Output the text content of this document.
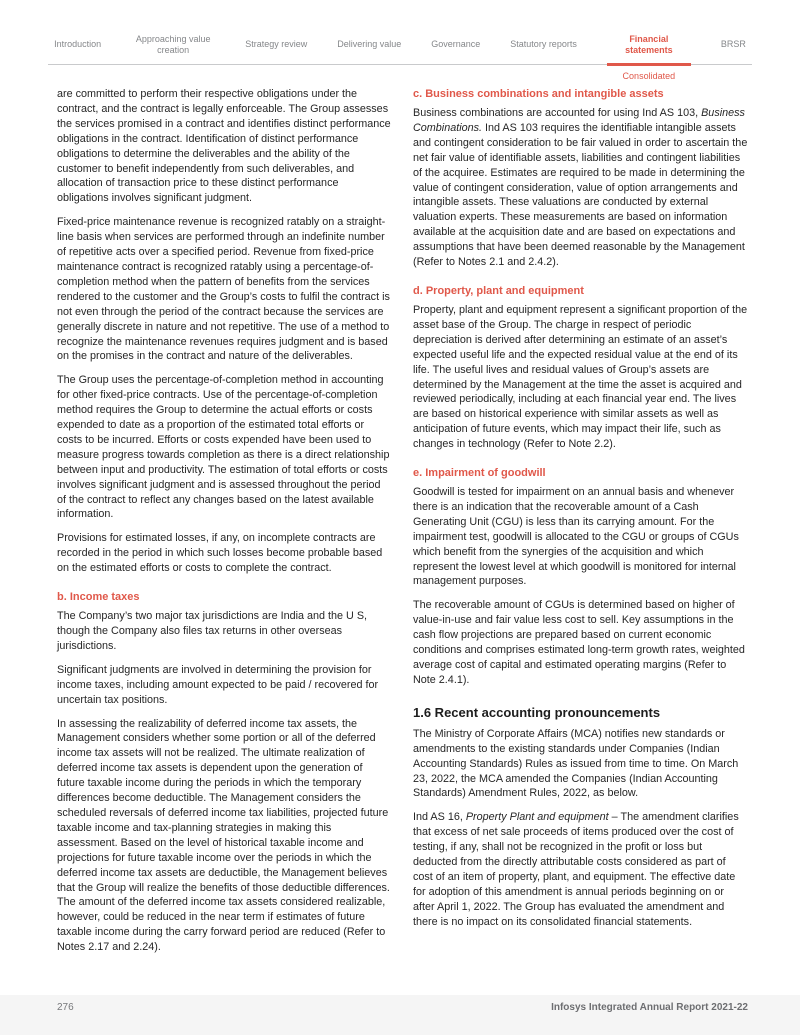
Introduction
Approaching value creation
Strategy review	Delivering value	Governance	Statutory reports
Financial statements
Consolidated
BRSR

are committed to perform their respective obligations under the contract, and the contract is legally enforceable. The Group assesses the services promised in a contract and identifies distinct performance obligations in the contract. Identification of distinct performance obligations to determine the deliverables and the ability of the customer to benefit independently from such deliverables, and allocation of transaction price to these distinct performance obligations involves significant judgment.

Fixed-price maintenance revenue is recognized ratably on a straight-line basis when services are performed through an indefinite number of repetitive acts over a specified period. Revenue from fixed-price maintenance contract is recognized ratably using a percentage-of-completion method when the pattern of benefits from the services rendered to the customer and the Group’s costs to fulfil the contract is not even through the period of the contract because the services are generally discrete in nature and not repetitive. The use of a method to recognize the maintenance revenues requires judgment and is based on the promises in the contract and nature of the deliverables.

The Group uses the percentage-of-completion method in accounting for other fixed-price contracts. Use of the percentage-of-completion method requires the Group to determine the actual efforts or costs expended to date as a proportion of the estimated total efforts or costs to be incurred. Efforts or costs expended have been used to measure progress towards completion as there is a direct relationship between input and productivity. The estimation of total efforts or costs involves significant judgment and is assessed throughout the period of the contract to reflect any changes based on the latest available information.

Provisions for estimated losses, if any, on incomplete contracts are recorded in the period in which such losses become probable based on the estimated efforts or costs to complete the contract.

b. Income taxes

The Company’s two major tax jurisdictions are India and the U S, though the Company also files tax returns in other overseas jurisdictions.

Significant judgments are involved in determining the provision for income taxes, including amount expected to be paid / recovered for uncertain tax positions.

In assessing the realizability of deferred income tax assets, the Management considers whether some portion or all of the deferred income tax assets will not be realized. The ultimate realization of deferred income tax assets is dependent upon the generation of future taxable income during the periods in which the temporary differences become deductible. The Management considers the scheduled reversals of deferred income tax liabilities, projected future taxable income and tax-planning strategies in making this assessment. Based on the level of historical taxable income and projections for future taxable income over the periods in which the deferred income tax assets are deductible, the Management believes that the Group will realize the benefits of those deductible differences. The amount of the deferred income tax assets considered realizable, however, could be reduced in the near term if estimates of future taxable income during the carry forward period are reduced (Refer to Notes 2.17 and 2.24).

c. Business combinations and intangible assets

Business combinations are accounted for using Ind AS 103, Business Combinations. Ind AS 103 requires the identifiable intangible assets and contingent consideration to be fair valued in order to ascertain the net fair value of identifiable assets, liabilities and contingent liabilities of the acquiree. Estimates are required to be made in determining the value of contingent consideration, value of option arrangements and intangible assets. These valuations are conducted by external valuation experts. These measurements are based on information available at the acquisition date and are based on expectations and assumptions that have been deemed reasonable by the Management (Refer to Notes 2.1 and 2.4.2).

d. Property, plant and equipment

Property, plant and equipment represent a significant proportion of the asset base of the Group. The charge in respect of periodic depreciation is derived after determining an estimate of an asset’s expected useful life and the expected residual value at the end of its life. The useful lives and residual values of Group’s assets are determined by the Management at the time the asset is acquired and reviewed periodically, including at each financial year end. The lives are based on historical experience with similar assets as well as anticipation of future events, which may impact their life, such as changes in technology (Refer to Note 2.2).

e. Impairment of goodwill

Goodwill is tested for impairment on an annual basis and whenever there is an indication that the recoverable amount of a Cash Generating Unit (CGU) is less than its carrying amount. For the impairment test, goodwill is allocated to the CGU or groups of CGUs which benefit from the synergies of the acquisition and which represent the lowest level at which goodwill is monitored for internal management purposes.

The recoverable amount of CGUs is determined based on higher of value-in-use and fair value less cost to sell. Key assumptions in the cash flow projections are prepared based on current economic conditions and comprises estimated long-term growth rates, weighted average cost of capital and estimated operating margins (Refer to Note 2.4.1).

1.6 Recent accounting pronouncements

The Ministry of Corporate Affairs (MCA) notifies new standards or amendments to the existing standards under Companies (Indian Accounting Standards) Rules as issued from time to time. On March 23, 2022, the MCA amended the Companies (Indian Accounting Standards) Amendment Rules, 2022, as below.

Ind AS 16, Property Plant and equipment – The amendment clarifies that excess of net sale proceeds of items produced over the cost of testing, if any, shall not be recognized in the profit or loss but deducted from the directly attributable costs considered as part of cost of an item of property, plant, and equipment. The effective date for adoption of this amendment is annual periods beginning on or after April 1, 2022. The Group has evaluated the amendment and there is no impact on its consolidated financial statements.

276	Infosys Integrated Annual Report 2021-22
